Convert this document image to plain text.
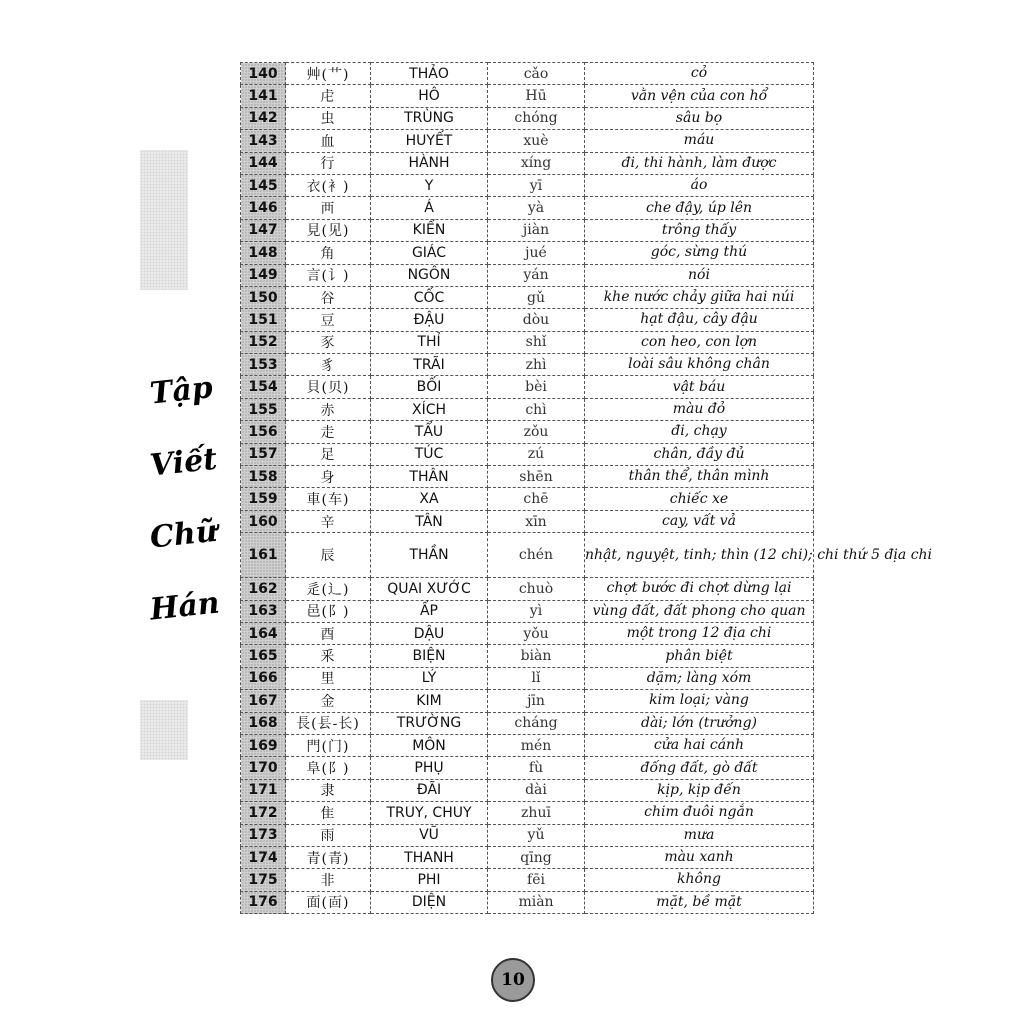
Tập
Viết
Chữ
Hán
140	艸(艹)	THẢO	cǎo	cỏ
141	虍	HÔ	Hū	vằn vện của con hổ
142	虫	TRÙNG	chóng	sâu bọ
143	血	HUYẾT	xuè	máu
144	行	HÀNH	xíng	đi, thi hành, làm được
145	衣(衤)	Y	yī	áo
146	襾	Á	yà	che đậy, úp lên
147	見(见)	KIẾN	jiàn	trông thấy
148	角	GIÁC	jué	góc, sừng thú
149	言(讠)	NGÔN	yán	nói
150	谷	CỐC	gǔ	khe nước chảy giữa hai núi
151	豆	ĐẬU	dòu	hạt đậu, cây đậu
152	豕	THỈ	shǐ	con heo, con lợn
153	豸	TRÃI	zhì	loài sâu không chân
154	貝(贝)	BỐI	bèi	vật báu
155	赤	XÍCH	chì	màu đỏ
156	走	TẨU	zǒu	đi, chạy
157	足	TÚC	zú	chân, đầy đủ
158	身	THÂN	shēn	thân thể, thân mình
159	車(车)	XA	chē	chiếc xe
160	辛	TÂN	xīn	cay, vất vả
161	辰	THẦN	chén	nhật, nguyệt, tinh; thìn (12 chi); chi thứ 5 địa chi
162	辵(辶)	QUAI XƯỚC	chuò	chợt bước đi chợt dừng lại
163	邑(阝)	ẤP	yì	vùng đất, đất phong cho quan
164	酉	DẬU	yǒu	một trong 12 địa chi
165	釆	BIỆN	biàn	phân biệt
166	里	LÝ	lǐ	dặm; làng xóm
167	金	KIM	jīn	kim loại; vàng
168	長(镸-长)	TRƯỜNG	cháng	dài; lớn (trưởng)
169	門(门)	MÔN	mén	cửa hai cánh
170	阜(阝)	PHỤ	fù	đống đất, gò đất
171	隶	ĐÃI	dài	kịp, kịp đến
172	隹	TRUY, CHUY	zhuī	chim đuôi ngắn
173	雨	VŨ	yǔ	mưa
174	青(青)	THANH	qīng	màu xanh
175	非	PHI	fēi	không
176	面(靣)	DIỆN	miàn	mặt, bề mặt
10
